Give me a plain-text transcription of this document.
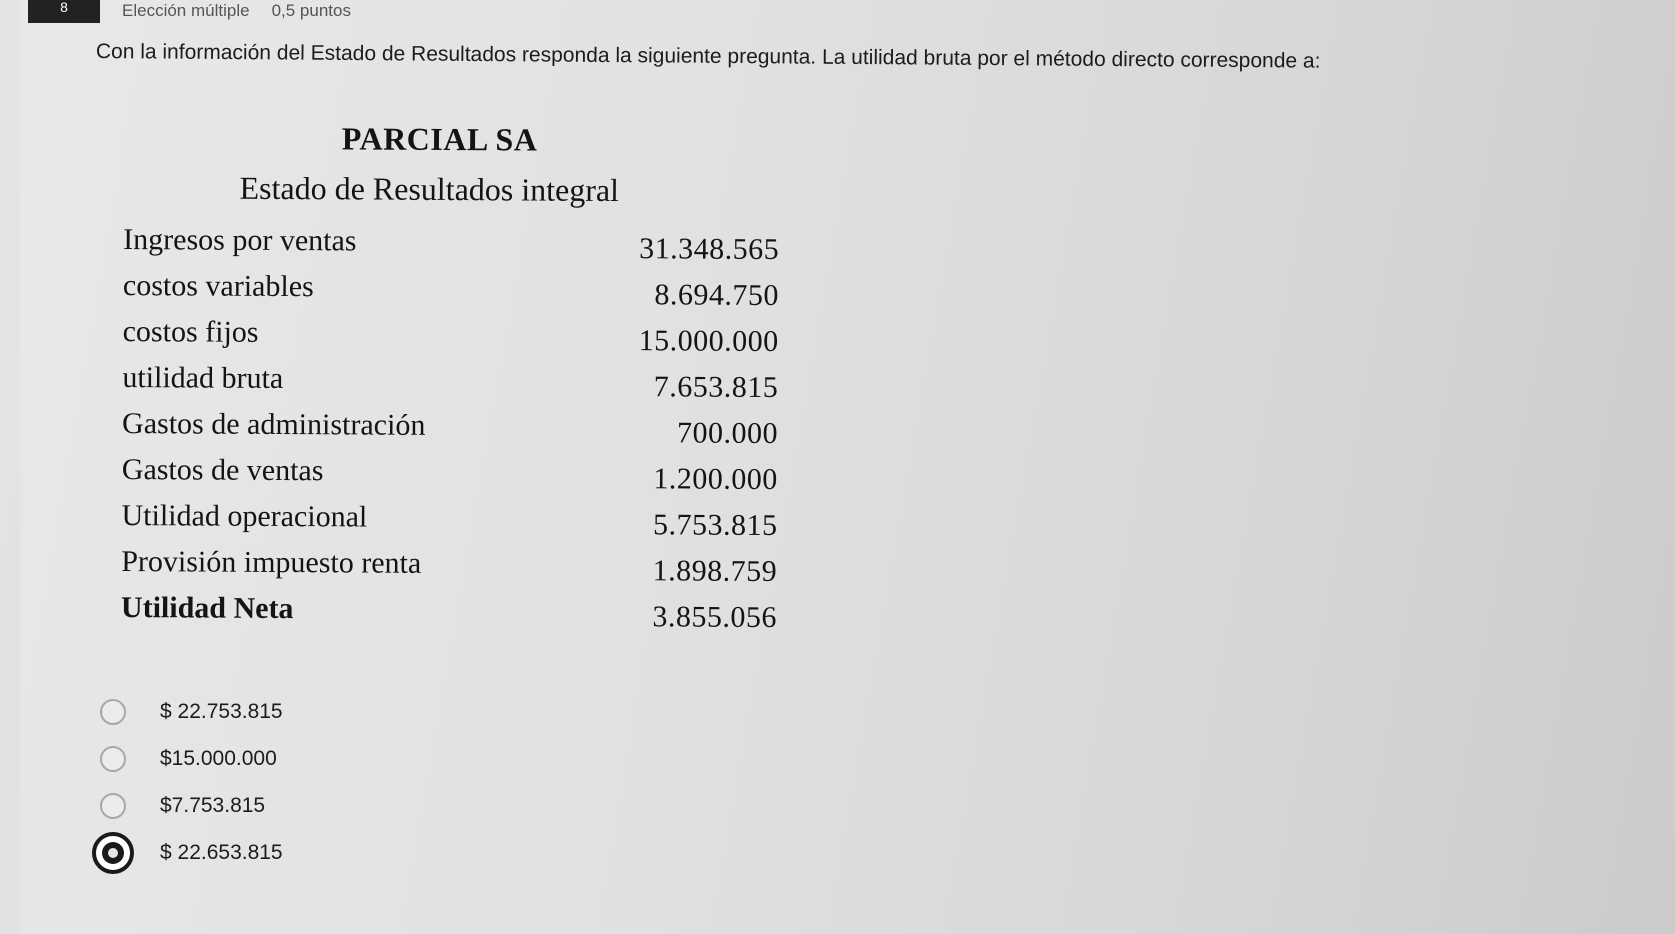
8	Elección múltiple 0,5 puntos
Con la información del Estado de Resultados responda la siguiente pregunta. La utilidad bruta por el método directo corresponde a:
PARCIAL SA
Estado de Resultados integral
Ingresos por ventas	31.348.565
costos variables	8.694.750
costos fijos	15.000.000
utilidad bruta	7.653.815
Gastos de administración	700.000
Gastos de ventas	1.200.000
Utilidad operacional	5.753.815
Provisión impuesto renta	1.898.759
Utilidad Neta	3.855.056
$ 22.753.815
$15.000.000
$7.753.815
$ 22.653.815
